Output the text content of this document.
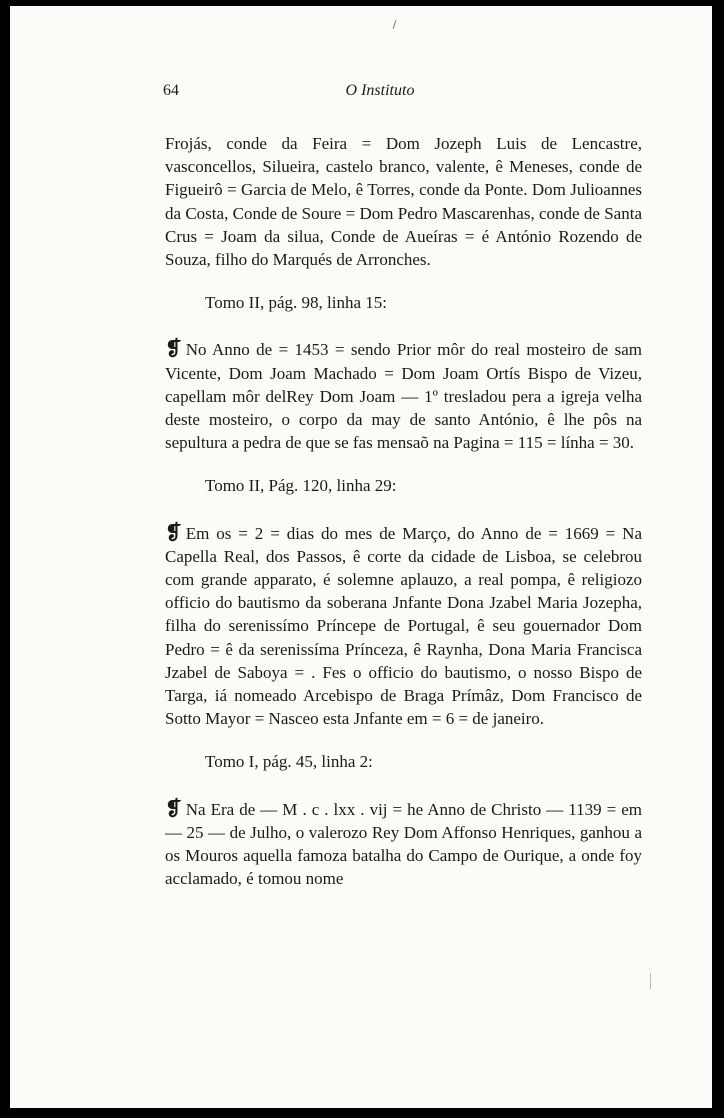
64	O Instituto

Frojás, conde da Feira = Dom Jozeph Luis de Lencastre, vasconcellos, Silueira, castelo branco, valente, ê Meneses, conde de Figueirô = Garcia de Melo, ê Torres, conde da Ponte. Dom Julioannes da Costa, Conde de Soure = Dom Pedro Mascarenhas, conde de Santa Crus = Joam da silua, Conde de Aueíras = é António Rozendo de Souza, filho do Marqués de Arronches.

Tomo II, pág. 98, linha 15:

❡ No Anno de = 1453 = sendo Prior môr do real mosteiro de sam Vicente, Dom Joam Machado = Dom Joam Ortís Bispo de Vizeu, capellam môr delRey Dom Joam — 1º tresladou pera a igreja velha deste mosteiro, o corpo da may de santo António, ê lhe pôs na sepultura a pedra de que se fas mensaõ na Pagina = 115 = línha = 30.

Tomo II, Pág. 120, linha 29:

❡ Em os = 2 = dias do mes de Março, do Anno de = 1669 = Na Capella Real, dos Passos, ê corte da cidade de Lisboa, se celebrou com grande apparato, é solemne aplauzo, a real pompa, ê religiozo officio do bautismo da soberana Jnfante Dona Jzabel Maria Jozepha, filha do serenissímo Príncepe de Portugal, ê seu gouernador Dom Pedro = ê da serenissíma Prínceza, ê Raynha, Dona Maria Francisca Jzabel de Saboya = . Fes o officio do bautismo, o nosso Bispo de Targa, iá nomeado Arcebispo de Braga Prímâz, Dom Francisco de Sotto Mayor = Nasceo esta Jnfante em = 6 = de janeiro.

Tomo I, pág. 45, linha 2:

❡ Na Era de — M . c . lxx . vij = he Anno de Christo — 1139 = em — 25 — de Julho, o valerozo Rey Dom Affonso Henriques, ganhou a os Mouros aquella famoza batalha do Campo de Ourique, a onde foy acclamado, é tomou nome
